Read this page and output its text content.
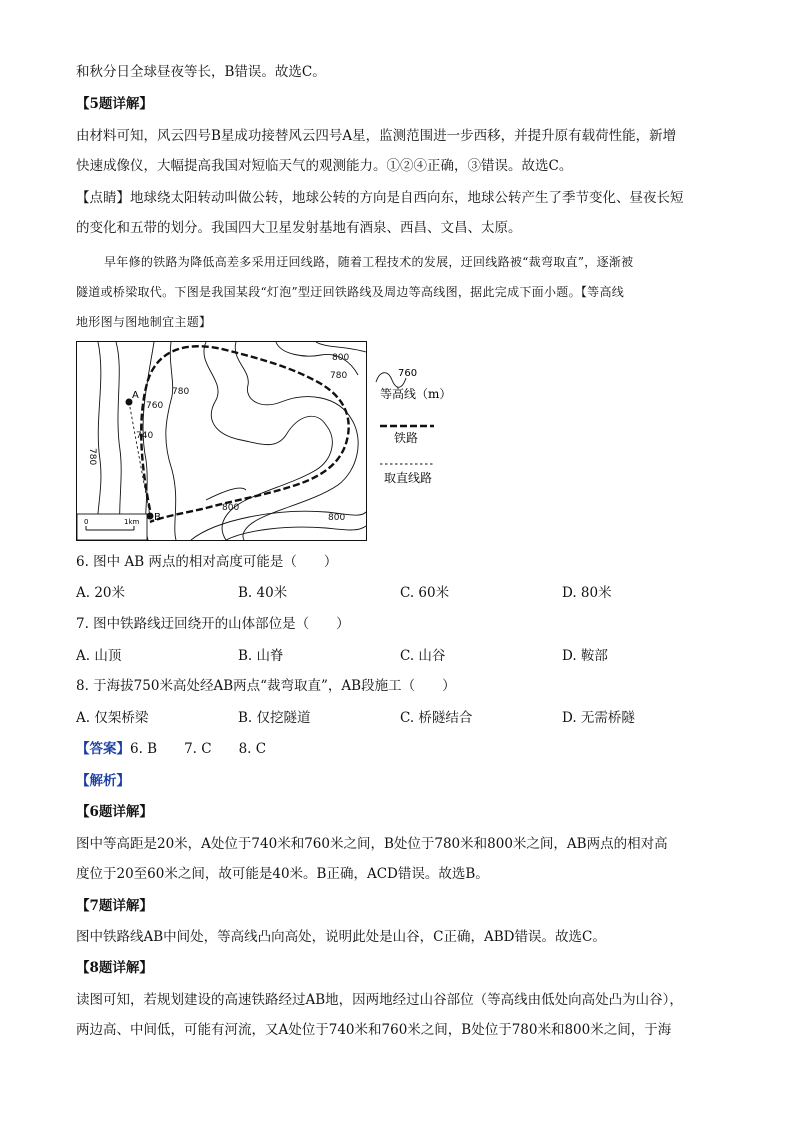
和秋分日全球昼夜等长，B错误。故选C。
【5题详解】
由材料可知，风云四号B星成功接替风云四号A星，监测范围进一步西移，并提升原有载荷性能，新增
快速成像仪，大幅提高我国对短临天气的观测能力。①②④正确，③错误。故选C。
【点睛】地球绕太阳转动叫做公转，地球公转的方向是自西向东，地球公转产生了季节变化、昼夜长短
的变化和五带的划分。我国四大卫星发射基地有酒泉、西昌、文昌、太原。
早年修的铁路为降低高差多采用迂回线路，随着工程技术的发展，迂回线路被“裁弯取直”，逐渐被
隧道或桥梁取代。下图是我国某段“灯泡”型迂回铁路线及周边等高线图，据此完成下面小题。【等高线
地形图与图地制宜主题】
A
B
800
780
760
740
780
780
800
800
0	1km
760
等高线（m）
铁路
取直线路
6. 图中 AB 两点的相对高度可能是（　　）
A. 20米	B. 40米	C. 60米	D. 80米
7. 图中铁路线迂回绕开的山体部位是（　　）
A. 山顶	B. 山脊	C. 山谷	D. 鞍部
8. 于海拔750米高处经AB两点“裁弯取直”，AB段施工（　　）
A. 仅架桥梁	B. 仅挖隧道	C. 桥隧结合	D. 无需桥隧
【答案】6. B　　7. C　　8. C
【解析】
【6题详解】
图中等高距是20米，A处位于740米和760米之间，B处位于780米和800米之间，AB两点的相对高
度位于20至60米之间，故可能是40米。B正确，ACD错误。故选B。
【7题详解】
图中铁路线AB中间处，等高线凸向高处，说明此处是山谷，C正确，ABD错误。故选C。
【8题详解】
读图可知，若规划建设的高速铁路经过AB地，因两地经过山谷部位（等高线由低处向高处凸为山谷），
两边高、中间低，可能有河流，又A处位于740米和760米之间，B处位于780米和800米之间，于海
